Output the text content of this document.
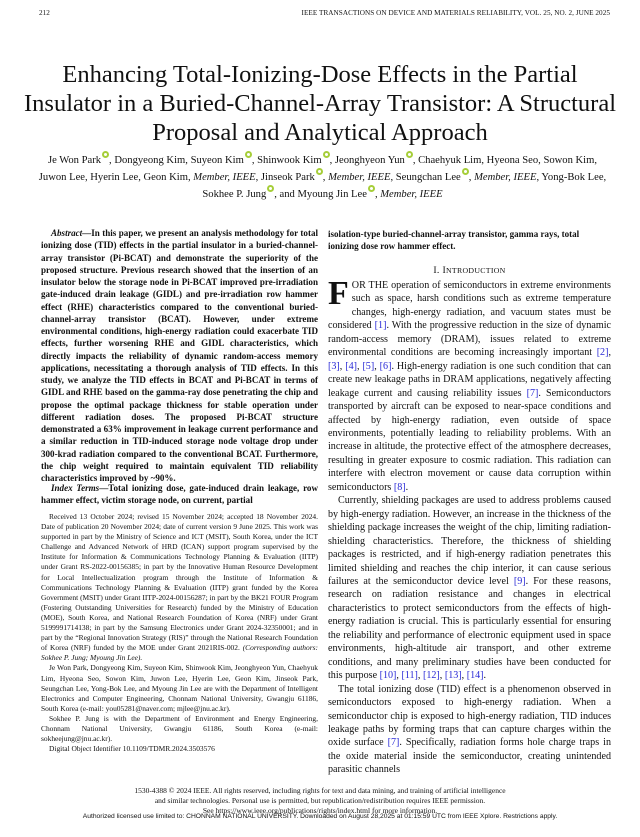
212	IEEE TRANSACTIONS ON DEVICE AND MATERIALS RELIABILITY, VOL. 25, NO. 2, JUNE 2025
Enhancing Total-Ionizing-Dose Effects in the Partial Insulator in a Buried-Channel-Array Transistor: A Structural Proposal and Analytical Approach
Je Won Park , Dongyeong Kim, Suyeon Kim , Shinwook Kim , Jeonghyeon Yun , Chaehyuk Lim, Hyeona Seo, Sowon Kim, Juwon Lee, Hyerin Lee, Geon Kim, Member, IEEE, Jinseok Park , Member, IEEE, Seungchan Lee , Member, IEEE, Yong-Bok Lee, Sokhee P. Jung , and Myoung Jin Lee , Member, IEEE

Abstract—In this paper, we present an analysis methodology for total ionizing dose (TID) effects in the partial insulator in a buried-channel-array transistor (Pi-BCAT) and demonstrate the superiority of the proposed structure. Previous research showed that the insertion of an insulator below the storage node in Pi-BCAT improved pre-irradiation gate-induced drain leakage (GIDL) and pre-irradiation row hammer effect (RHE) characteristics compared to the conventional buried-channel-array transistor (BCAT). However, under extreme environmental conditions, high-energy radiation could exacerbate TID effects, further worsening RHE and GIDL characteristics, which directly impacts the reliability of dynamic random-access memory applications, necessitating a thorough analysis of TID effects. In this study, we analyze the TID effects in BCAT and Pi-BCAT in terms of GIDL and RHE based on the gamma-ray dose penetrating the chip and propose the optimal package thickness for stable operation under different radiation doses. The proposed Pi-BCAT structure demonstrated a 63% improvement in leakage current performance and a similar reduction in TID-induced storage node voltage drop under 300-krad radiation compared to the conventional BCAT. Furthermore, the chip weight required to maintain equivalent TID reliability characteristics improved by ~90%.

Index Terms—Total ionizing dose, gate-induced drain leakage, row hammer effect, victim storage node, on current, partial

Received 13 October 2024; revised 15 November 2024; accepted 18 November 2024. Date of publication 20 November 2024; date of current version 9 June 2025. This work was supported in part by the Ministry of Science and ICT (MSIT), South Korea, under the ICT Challenge and Advanced Network of HRD (ICAN) support program supervised by the Institute for Information & Communications Technology Planning & Evaluation (IITP) under Grant RS-2022-00156385; in part by the Innovative Human Resource Development for Local Intellectualization program through the Institute of Information & Communications Technology Planning & Evaluation (IITP) grant funded by the Korea Government (MSIT) under Grant IITP-2024-00156287; in part by the BK21 FOUR Program (Fostering Outstanding Universities for Research) funded by the Ministry of Education (MOE), South Korea, and National Research Foundation of Korea (NRF) under Grant 5199991714138; in part by the Samsung Electronics under Grant 2024-32350001; and in part by the “Regional Innovation Strategy (RIS)” through the National Research Foundation of Korea (NRF) funded by the MOE under Grant 2021RIS-002. (Corresponding authors: Sokhee P. Jung; Myoung Jin Lee).

Je Won Park, Dongyeong Kim, Suyeon Kim, Shinwook Kim, Jeonghyeon Yun, Chaehyuk Lim, Hyeona Seo, Sowon Kim, Juwon Lee, Hyerin Lee, Geon Kim, Jinseok Park, Seungchan Lee, Yong-Bok Lee, and Myoung Jin Lee are with the Department of Intelligent Electronics and Computer Engineering, Chonnam National University, Gwangju 61186, South Korea (e-mail: you05281@naver.com; mjlee@jnu.ac.kr).

Sokhee P. Jung is with the Department of Environment and Energy Engineering, Chonnam National University, Gwangju 61186, South Korea (e-mail: sokheejung@jnu.ac.kr).

Digital Object Identifier 10.1109/TDMR.2024.3503576

isolation-type buried-channel-array transistor, gamma rays, total ionizing dose row hammer effect.
I. INTRODUCTION

FOR THE operation of semiconductors in extreme environments such as space, harsh conditions such as extreme temperature changes, high-energy radiation, and vacuum states must be considered [1]. With the progressive reduction in the size of dynamic random-access memory (DRAM), issues related to extreme environmental conditions are becoming increasingly important [2], [3], [4], [5], [6]. High-energy radiation is one such condition that can create new leakage paths in DRAM applications, negatively affecting leakage current and causing reliability issues [7]. Semiconductors transported by aircraft can be exposed to near-space conditions and affected by high-energy radiation, even outside of space environments, potentially leading to reliability problems. With an increase in altitude, the protective effect of the atmosphere decreases, resulting in greater exposure to cosmic radiation. This radiation can interfere with electron movement or cause data corruption within semiconductors [8].

Currently, shielding packages are used to address problems caused by high-energy radiation. However, an increase in the thickness of the shielding package increases the weight of the chip, limiting radiation-shielding characteristics. Therefore, the thickness of shielding packages is restricted, and if high-energy radiation penetrates this limited shielding and reaches the chip interior, it can cause serious failures at the semiconductor device level [9]. For these reasons, research on radiation resistance and changes in electrical characteristics to protect semiconductors from the effects of high-energy radiation is crucial. This is particularly essential for ensuring the reliability and performance of electronic equipment used in space environments, high-altitude air transport, and other extreme conditions, and many preliminary studies have been conducted for this purpose [10], [11], [12], [13], [14].

The total ionizing dose (TID) effect is a phenomenon observed in semiconductors exposed to high-energy radiation. When a semiconductor chip is exposed to high-energy radiation, TID induces leakage paths by forming traps that can capture charges within the oxide surface [7]. Specifically, radiation forms hole charge traps in the oxide material inside the semiconductor, creating unintended parasitic channels

1530-4388 © 2024 IEEE. All rights reserved, including rights for text and data mining, and training of artificial intelligence
and similar technologies. Personal use is permitted, but republication/redistribution requires IEEE permission.
See https://www.ieee.org/publications/rights/index.html for more information.
Authorized licensed use limited to: CHONNAM NATIONAL UNIVERSITY. Downloaded on August 28,2025 at 01:15:59 UTC from IEEE Xplore. Restrictions apply.
